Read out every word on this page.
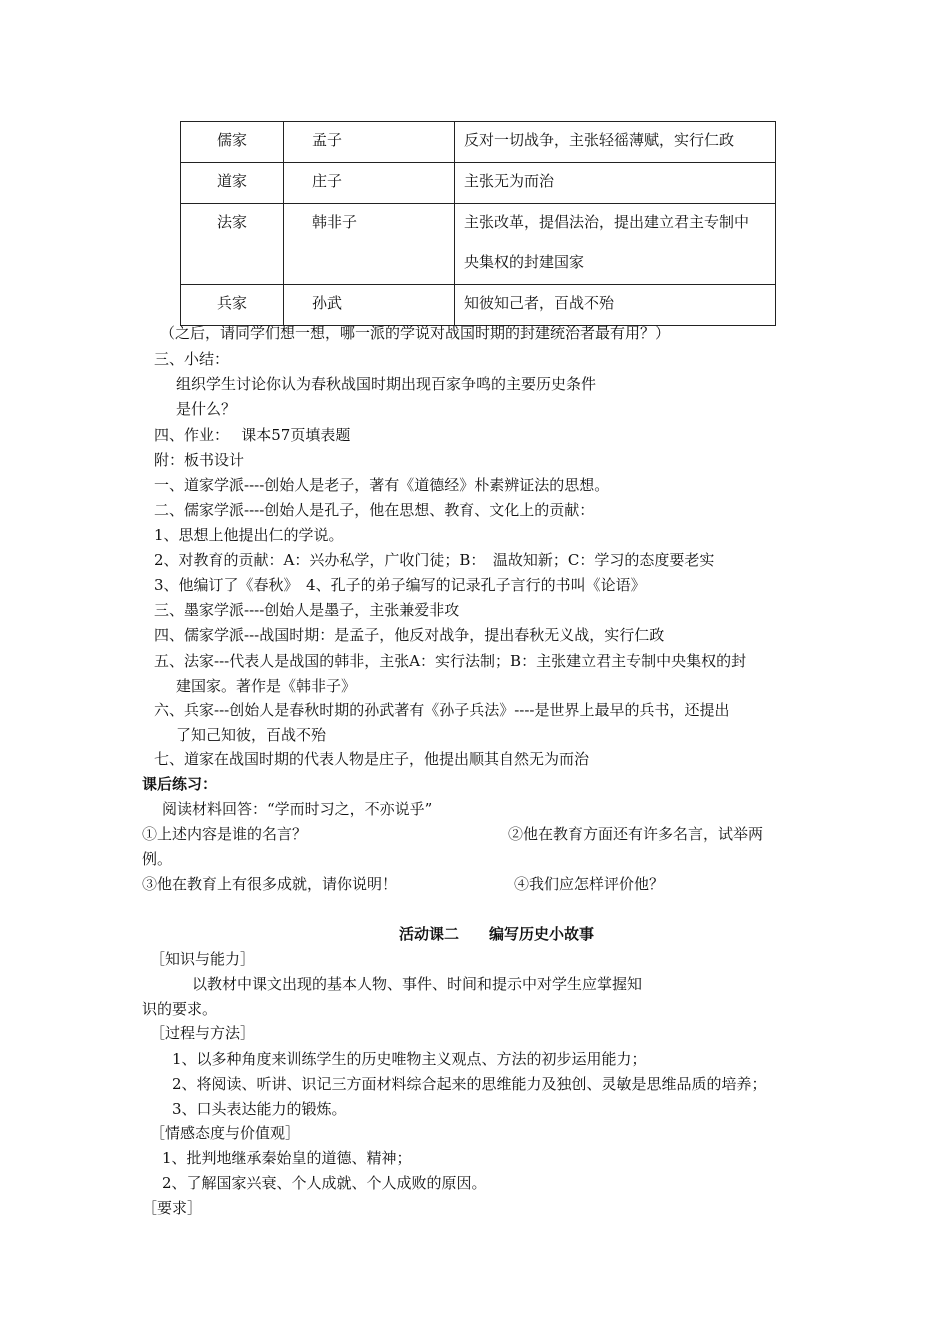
儒家	孟子	反对一切战争，主张轻徭薄赋，实行仁政

道家	庄子	主张无为而治

法家	韩非子	主张改革，提倡法治，提出建立君主专制中
央集权的封建国家

兵家	孙武	知彼知己者，百战不殆
（之后，请同学们想一想，哪一派的学说对战国时期的封建统治者最有用？）
三、小结：
组织学生讨论你认为春秋战国时期出现百家争鸣的主要历史条件
是什么？
四、作业：　 课本57页填表题
附：板书设计
一、道家学派----创始人是老子，著有《道德经》朴素辨证法的思想。
二、儒家学派----创始人是孔子，他在思想、教育、文化上的贡献：
1、思想上他提出仁的学说。
2、对教育的贡献：A：兴办私学，广收门徒；B：　温故知新；C：学习的态度要老实
3、他编订了《春秋》　4、孔子的弟子编写的记录孔子言行的书叫《论语》
三、墨家学派----创始人是墨子，主张兼爱非攻
四、儒家学派---战国时期：是孟子，他反对战争，提出春秋无义战，实行仁政
五、法家---代表人是战国的韩非，主张A：实行法制；B：主张建立君主专制中央集权的封
建国家。著作是《韩非子》
六、兵家---创始人是春秋时期的孙武著有《孙子兵法》----是世界上最早的兵书，还提出
了知己知彼，百战不殆
七、道家在战国时期的代表人物是庄子，他提出顺其自然无为而治
课后练习：
阅读材料回答：“学而时习之，不亦说乎”
①上述内容是谁的名言？	②他在教育方面还有许多名言，试举两
例。
③他在教育上有很多成就，请你说明！	④我们应怎样评价他？
活动课二　　编写历史小故事
［知识与能力］
以教材中课文出现的基本人物、事件、时间和提示中对学生应掌握知
识的要求。
［过程与方法］
1、以多种角度来训练学生的历史唯物主义观点、方法的初步运用能力；
2、将阅读、听讲、识记三方面材料综合起来的思维能力及独创、灵敏是思维品质的培养；
3、口头表达能力的锻炼。
［情感态度与价值观］
1、批判地继承秦始皇的道德、精神；
2、了解国家兴衰、个人成就、个人成败的原因。
［要求］
